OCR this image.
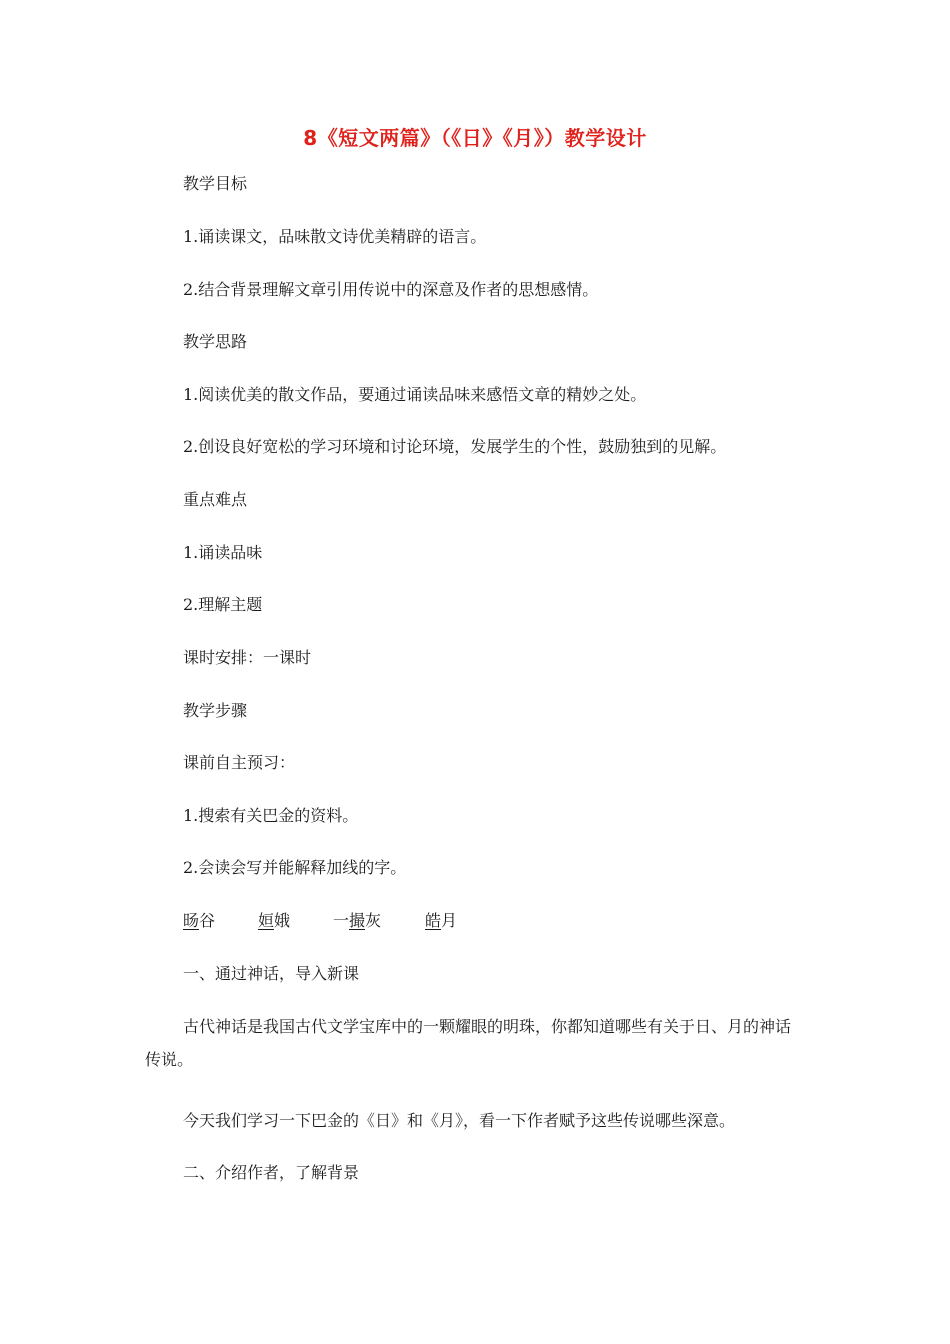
8《短文两篇》（《日》《月》）教学设计
教学目标
1.诵读课文，品味散文诗优美精辟的语言。
2.结合背景理解文章引用传说中的深意及作者的思想感情。
教学思路
1.阅读优美的散文作品，要通过诵读品味来感悟文章的精妙之处。
2.创设良好宽松的学习环境和讨论环境，发展学生的个性，鼓励独到的见解。
重点难点
1.诵读品味
2.理解主题
课时安排：一课时
教学步骤
课前自主预习：
1.搜索有关巴金的资料。
2.会读会写并能解释加线的字。
旸谷	姮娥	一撮灰	皓月
一、通过神话，导入新课
古代神话是我国古代文学宝库中的一颗耀眼的明珠，你都知道哪些有关于日、月的神话传说。
今天我们学习一下巴金的《日》和《月》，看一下作者赋予这些传说哪些深意。
二、介绍作者，了解背景
